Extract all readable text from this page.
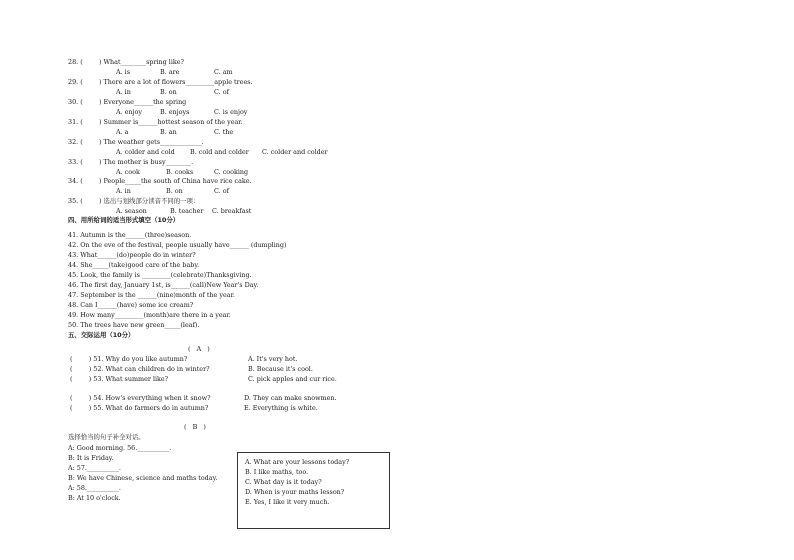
28. (        ) What________spring like?
A. is	B. are	C. am
29. (        ) There are a lot of flowers_________apple trees.
A. in	B. on	C. of
30. (        ) Everyone______the spring
A. enjoy	B. enjoys	C. is enjoy
31. (        ) Summer is______hottest season of the year.
A. a	B. an	C. the
32. (        ) The weather gets_____________.
A. colder and cold B. cold and colder C. colder and colder
33. (        ) The mother is busy________.
A. cook	B. cooks	C. cooking
34. (        ) People_____the south of China have rice cake.
A. in	B. on	C. of
35. (        ) 选出与划线部分读音不同的一项：
A. season	B. teacher C. breakfast
四、用所给词的适当形式填空（10分）
41. Autumn is the______(three)season.
42. On the eve of the festival, people usually have______ (dumpling)
43. What______(do)people do in winter?
44. She_____(take)good care of the baby.
45. Look, the family is _________(celebrate)Thanksgiving.
46. The first day, January 1st, is______(call)New Year's Day.
47. September is the ______(nine)month of the year.
48. Can I______(have) some ice cream?
49. How many_________(month)are there in a year.
50. The trees have new green_____(leaf).
五、交际运用（10分）
(   A   )
(        ) 51. Why do you like autumn?	A. It's very hot.
(        ) 52. What can children do in winter?	B. Because it's cool.
(        ) 53. What summer like?	C. pick apples and cur rice.
(        ) 54. How's everything when it snow?	D. They can make snowmen.
(        ) 55. What do farmers do in autumn?	E. Everything is white.
(   B   )
选择恰当的句子补全对话。
A: Good morning. 56.__________.
B: It is Friday.
A: 57.__________.
B: We have Chinese, science and maths today.
A: 58.__________.
B: At 10 o'clock.
A. What are your lessons today?
B. I like maths, too.
C. What day is it today?
D. When is your maths lesson?
E. Yes, I like it very much.
